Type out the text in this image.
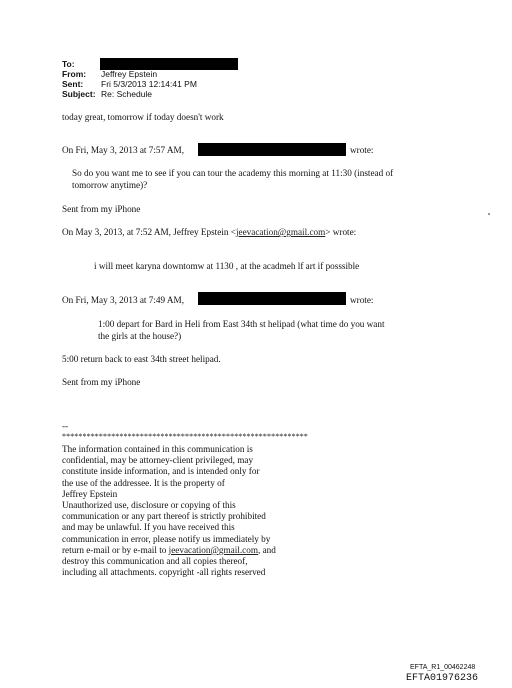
To:
From: Jeffrey Epstein
Sent: Fri 5/3/2013 12:14:41 PM
Subject: Re: Schedule
today great, tomorrow if today doesn't work
On Fri, May 3, 2013 at 7:57 AM,	wrote:
So do you want me to see if you can tour the academy this morning at 11:30 (instead of
tomorrow anytime)?
Sent from my iPhone
On May 3, 2013, at 7:52 AM, Jeffrey Epstein <jeevacation@gmail.com> wrote:
i will meet karyna downtomw at 1130 , at the acadmeh lf art if posssible
On Fri, May 3, 2013 at 7:49 AM,	wrote:
1:00 depart for Bard in Heli from East 34th st helipad (what time do you want
the girls at the house?)
5:00 return back to east 34th street helipad.
Sent from my iPhone
--
************************************************************
The information contained in this communication is
confidential, may be attorney-client privileged, may
constitute inside information, and is intended only for
the use of the addressee. It is the property of
Jeffrey Epstein
Unauthorized use, disclosure or copying of this
communication or any part thereof is strictly prohibited
and may be unlawful. If you have received this
communication in error, please notify us immediately by
return e-mail or by e-mail to jeevacation@gmail.com, and
destroy this communication and all copies thereof,
including all attachments. copyright -all rights reserved
EFTA_R1_00462248
EFTA01976236
